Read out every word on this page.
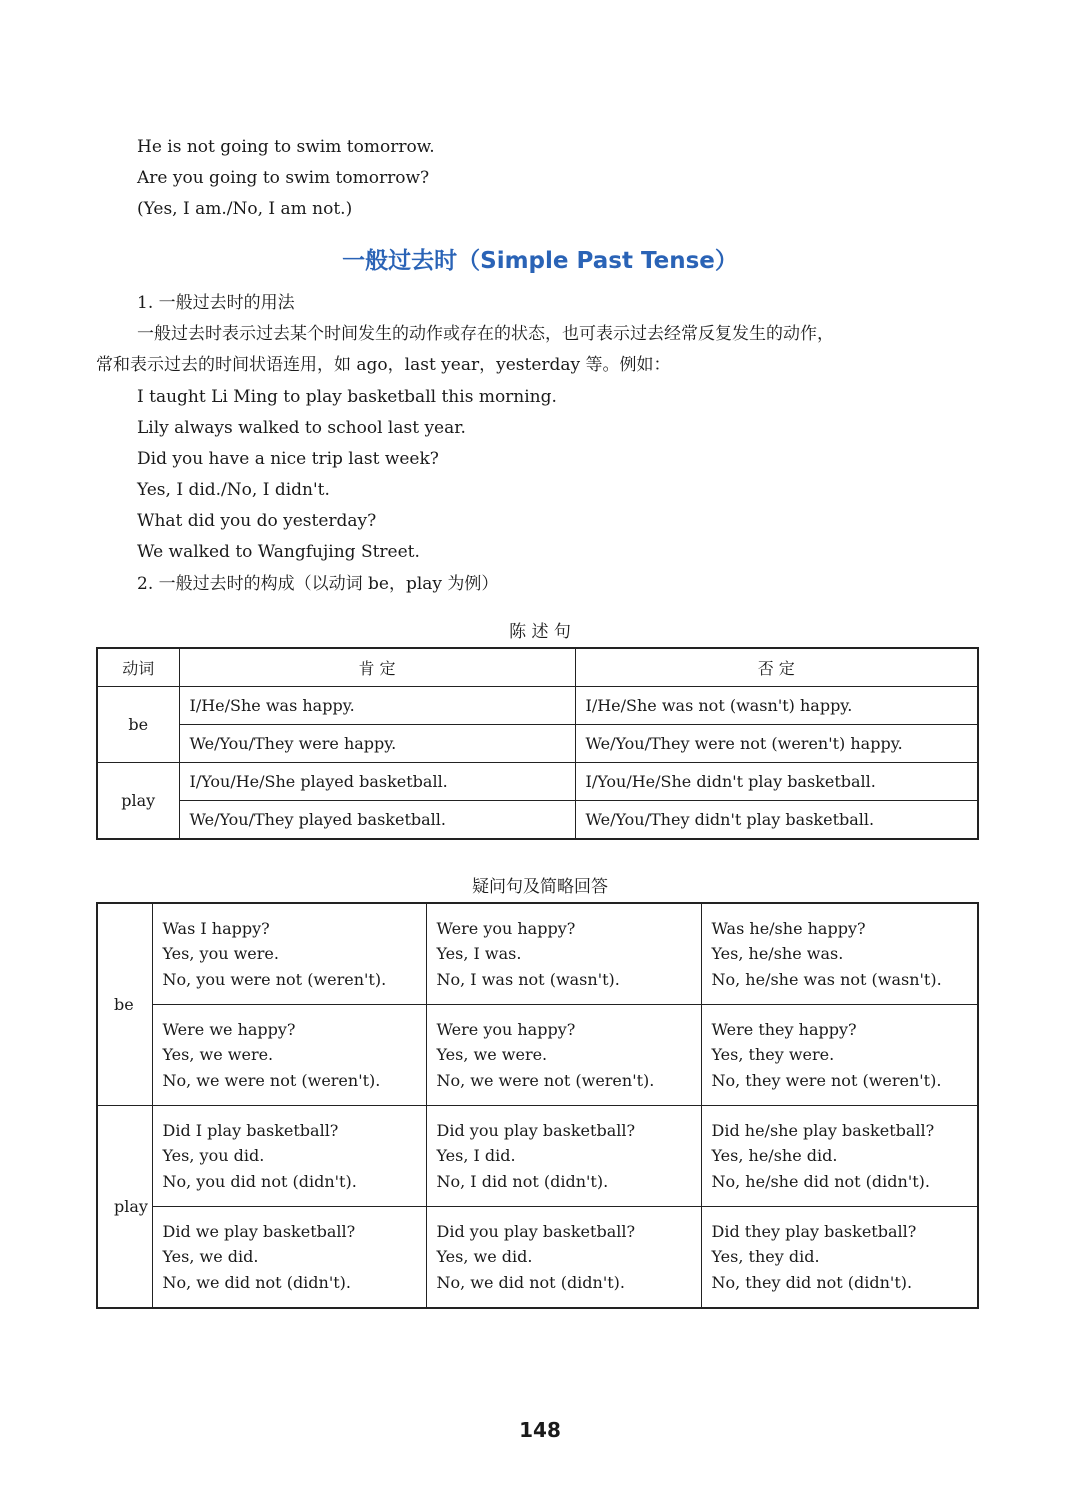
He is not going to swim tomorrow.
Are you going to swim tomorrow?
(Yes, I am./No, I am not.)
一般过去时（Simple Past Tense）
1. 一般过去时的用法
一般过去时表示过去某个时间发生的动作或存在的状态，也可表示过去经常反复发生的动作，
常和表示过去的时间状语连用，如 ago，last year，yesterday 等。例如：
I taught Li Ming to play basketball this morning.
Lily always walked to school last year.
Did you have a nice trip last week?
Yes, I did./No, I didn't.
What did you do yesterday?
We walked to Wangfujing Street.
2. 一般过去时的构成（以动词 be，play 为例）
陈 述 句
动词	肯 定	否 定
be	I/He/She was happy.	I/He/She was not (wasn't) happy.
	We/You/They were happy.	We/You/They were not (weren't) happy.
play	I/You/He/She played basketball.	I/You/He/She didn't play basketball.
	We/You/They played basketball.	We/You/They didn't play basketball.
疑问句及简略回答
be	Was I happy?
Yes, you were.
No, you were not (weren't).	Were you happy?
Yes, I was.
No, I was not (wasn't).	Was he/she happy?
Yes, he/she was.
No, he/she was not (wasn't).

	Were we happy?
Yes, we were.
No, we were not (weren't).	Were you happy?
Yes, we were.
No, we were not (weren't).	Were they happy?
Yes, they were.
No, they were not (weren't).

play	Did I play basketball?
Yes, you did.
No, you did not (didn't).	Did you play basketball?
Yes, I did.
No, I did not (didn't).	Did he/she play basketball?
Yes, he/she did.
No, he/she did not (didn't).

	Did we play basketball?
Yes, we did.
No, we did not (didn't).	Did you play basketball?
Yes, we did.
No, we did not (didn't).	Did they play basketball?
Yes, they did.
No, they did not (didn't).
148
